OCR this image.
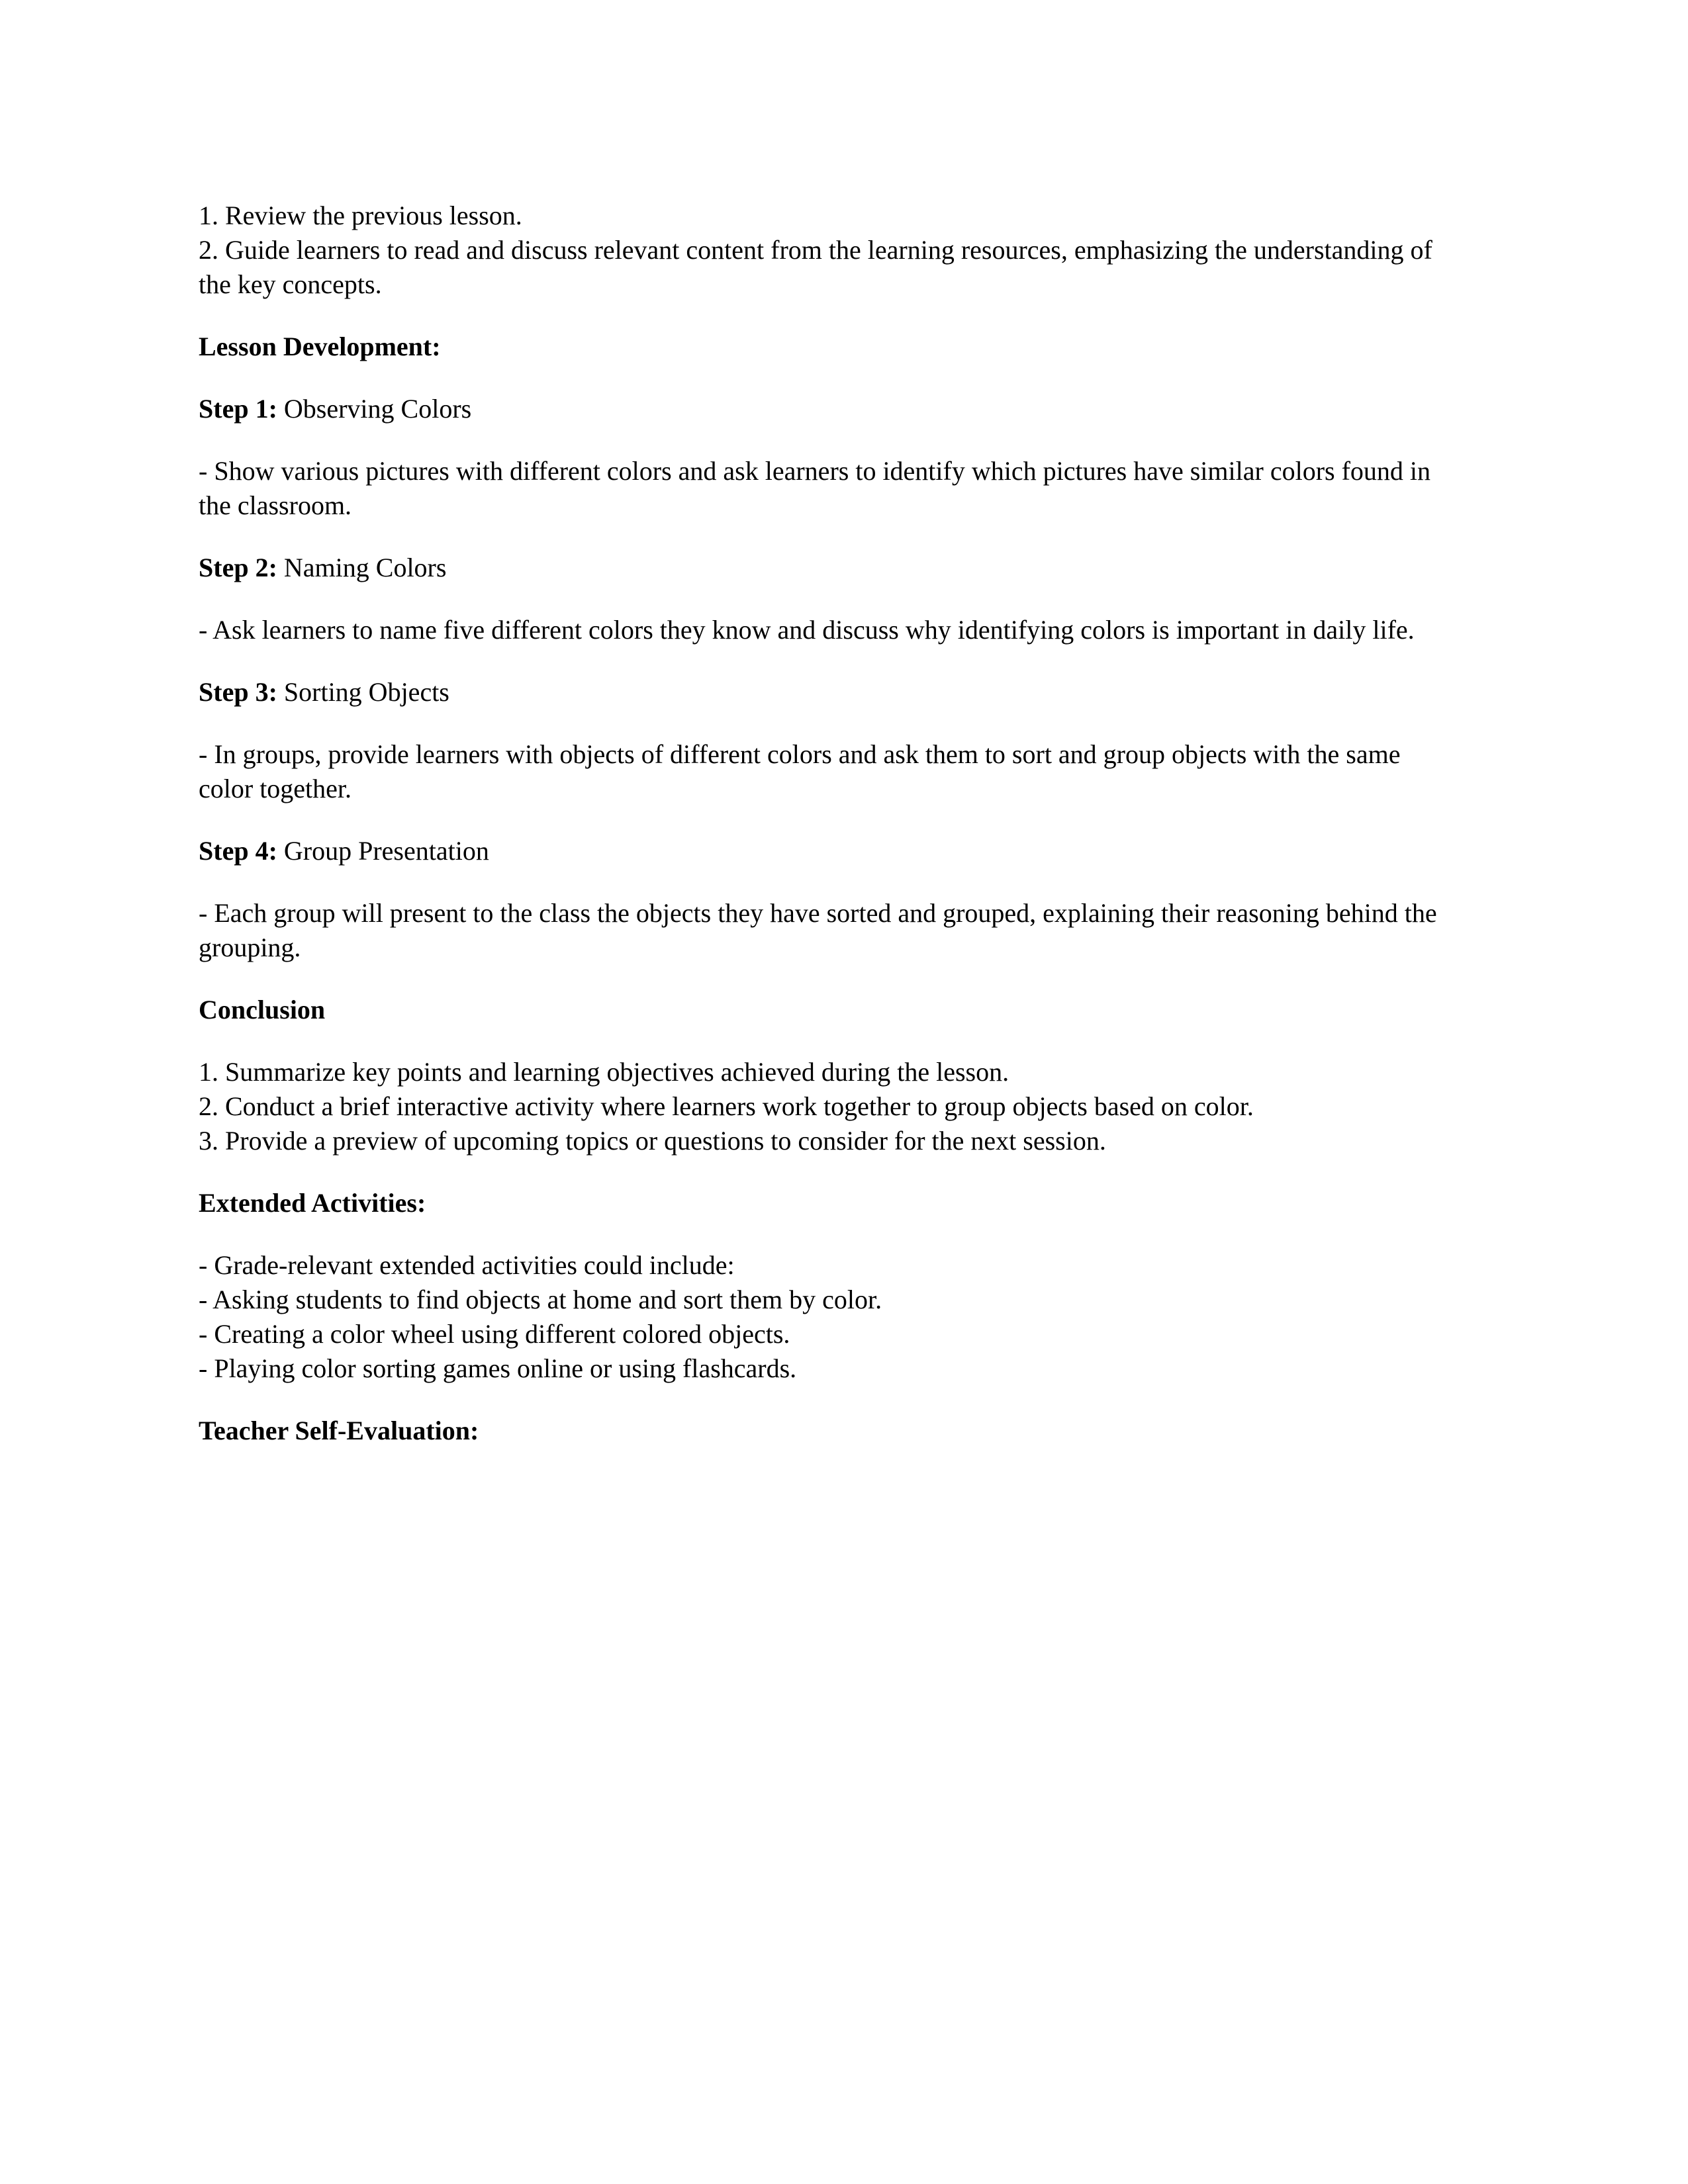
1. Review the previous lesson.
2. Guide learners to read and discuss relevant content from the learning resources, emphasizing the understanding of the key concepts.
Lesson Development:
Step 1: Observing Colors
- Show various pictures with different colors and ask learners to identify which pictures have similar colors found in the classroom.
Step 2: Naming Colors
- Ask learners to name five different colors they know and discuss why identifying colors is important in daily life.
Step 3: Sorting Objects
- In groups, provide learners with objects of different colors and ask them to sort and group objects with the same color together.
Step 4: Group Presentation
- Each group will present to the class the objects they have sorted and grouped, explaining their reasoning behind the grouping.
Conclusion
1. Summarize key points and learning objectives achieved during the lesson.
2. Conduct a brief interactive activity where learners work together to group objects based on color.
3. Provide a preview of upcoming topics or questions to consider for the next session.
Extended Activities:
- Grade-relevant extended activities could include:
- Asking students to find objects at home and sort them by color.
- Creating a color wheel using different colored objects.
- Playing color sorting games online or using flashcards.
Teacher Self-Evaluation:
